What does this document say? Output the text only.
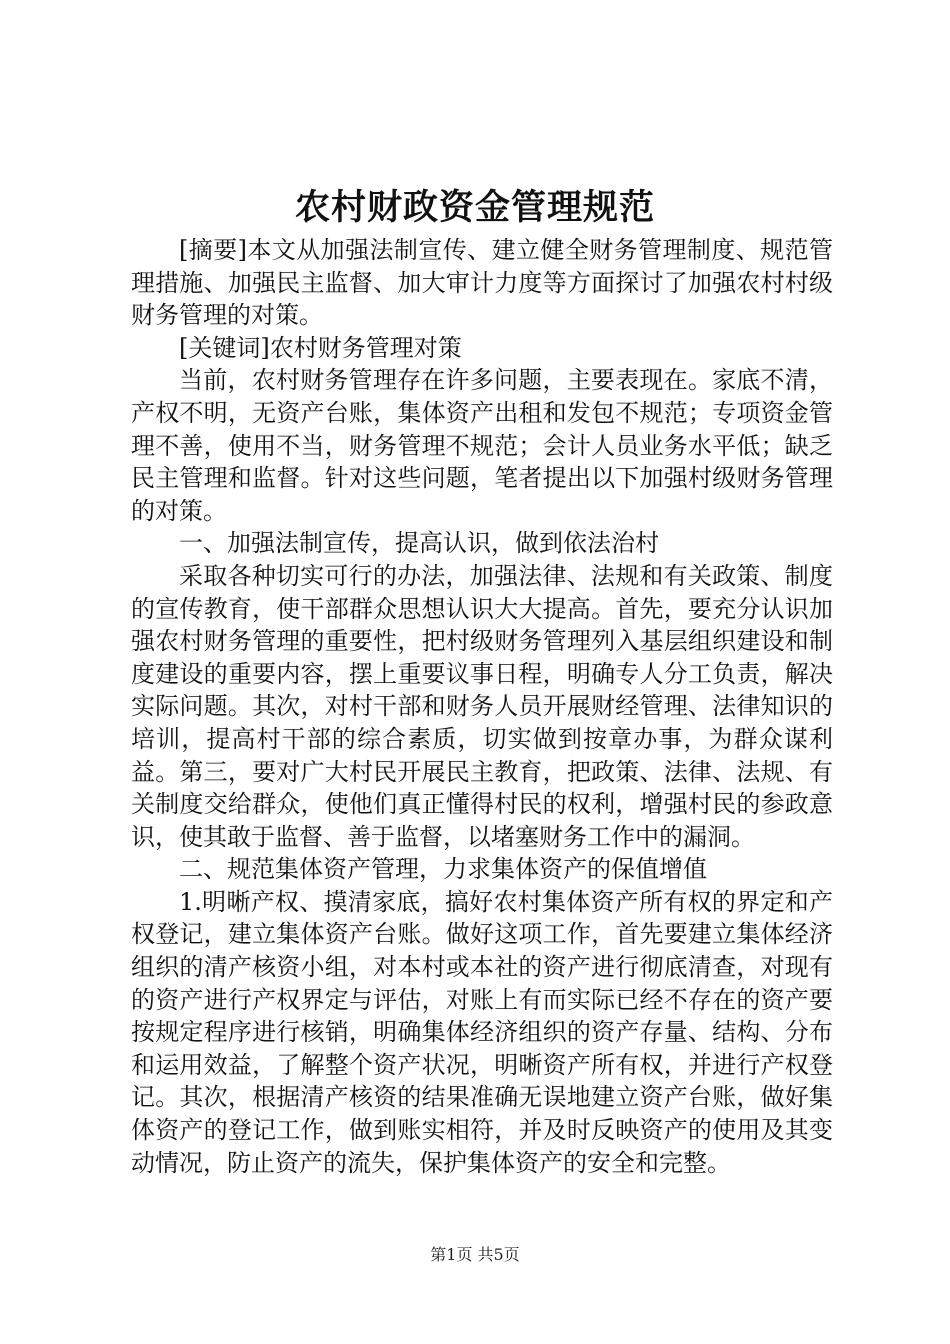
农村财政资金管理规范

[摘要]本文从加强法制宣传、建立健全财务管理制度、规范管理措施、加强民主监督、加大审计力度等方面探讨了加强农村村级财务管理的对策。

[关键词]农村财务管理对策

当前，农村财务管理存在许多问题，主要表现在。家底不清，产权不明，无资产台账，集体资产出租和发包不规范；专项资金管理不善，使用不当，财务管理不规范；会计人员业务水平低；缺乏民主管理和监督。针对这些问题，笔者提出以下加强村级财务管理的对策。

一、加强法制宣传，提高认识，做到依法治村

采取各种切实可行的办法，加强法律、法规和有关政策、制度的宣传教育，使干部群众思想认识大大提高。首先，要充分认识加强农村财务管理的重要性，把村级财务管理列入基层组织建设和制度建设的重要内容，摆上重要议事日程，明确专人分工负责，解决实际问题。其次，对村干部和财务人员开展财经管理、法律知识的培训，提高村干部的综合素质，切实做到按章办事，为群众谋利益。第三，要对广大村民开展民主教育，把政策、法律、法规、有关制度交给群众，使他们真正懂得村民的权利，增强村民的参政意识，使其敢于监督、善于监督，以堵塞财务工作中的漏洞。

二、规范集体资产管理，力求集体资产的保值增值

1.明晰产权、摸清家底，搞好农村集体资产所有权的界定和产权登记，建立集体资产台账。做好这项工作，首先要建立集体经济组织的清产核资小组，对本村或本社的资产进行彻底清查，对现有的资产进行产权界定与评估，对账上有而实际已经不存在的资产要按规定程序进行核销，明确集体经济组织的资产存量、结构、分布和运用效益，了解整个资产状况，明晰资产所有权，并进行产权登记。其次，根据清产核资的结果准确无误地建立资产台账，做好集体资产的登记工作，做到账实相符，并及时反映资产的使用及其变动情况，防止资产的流失，保护集体资产的安全和完整。

第1页 共5页
